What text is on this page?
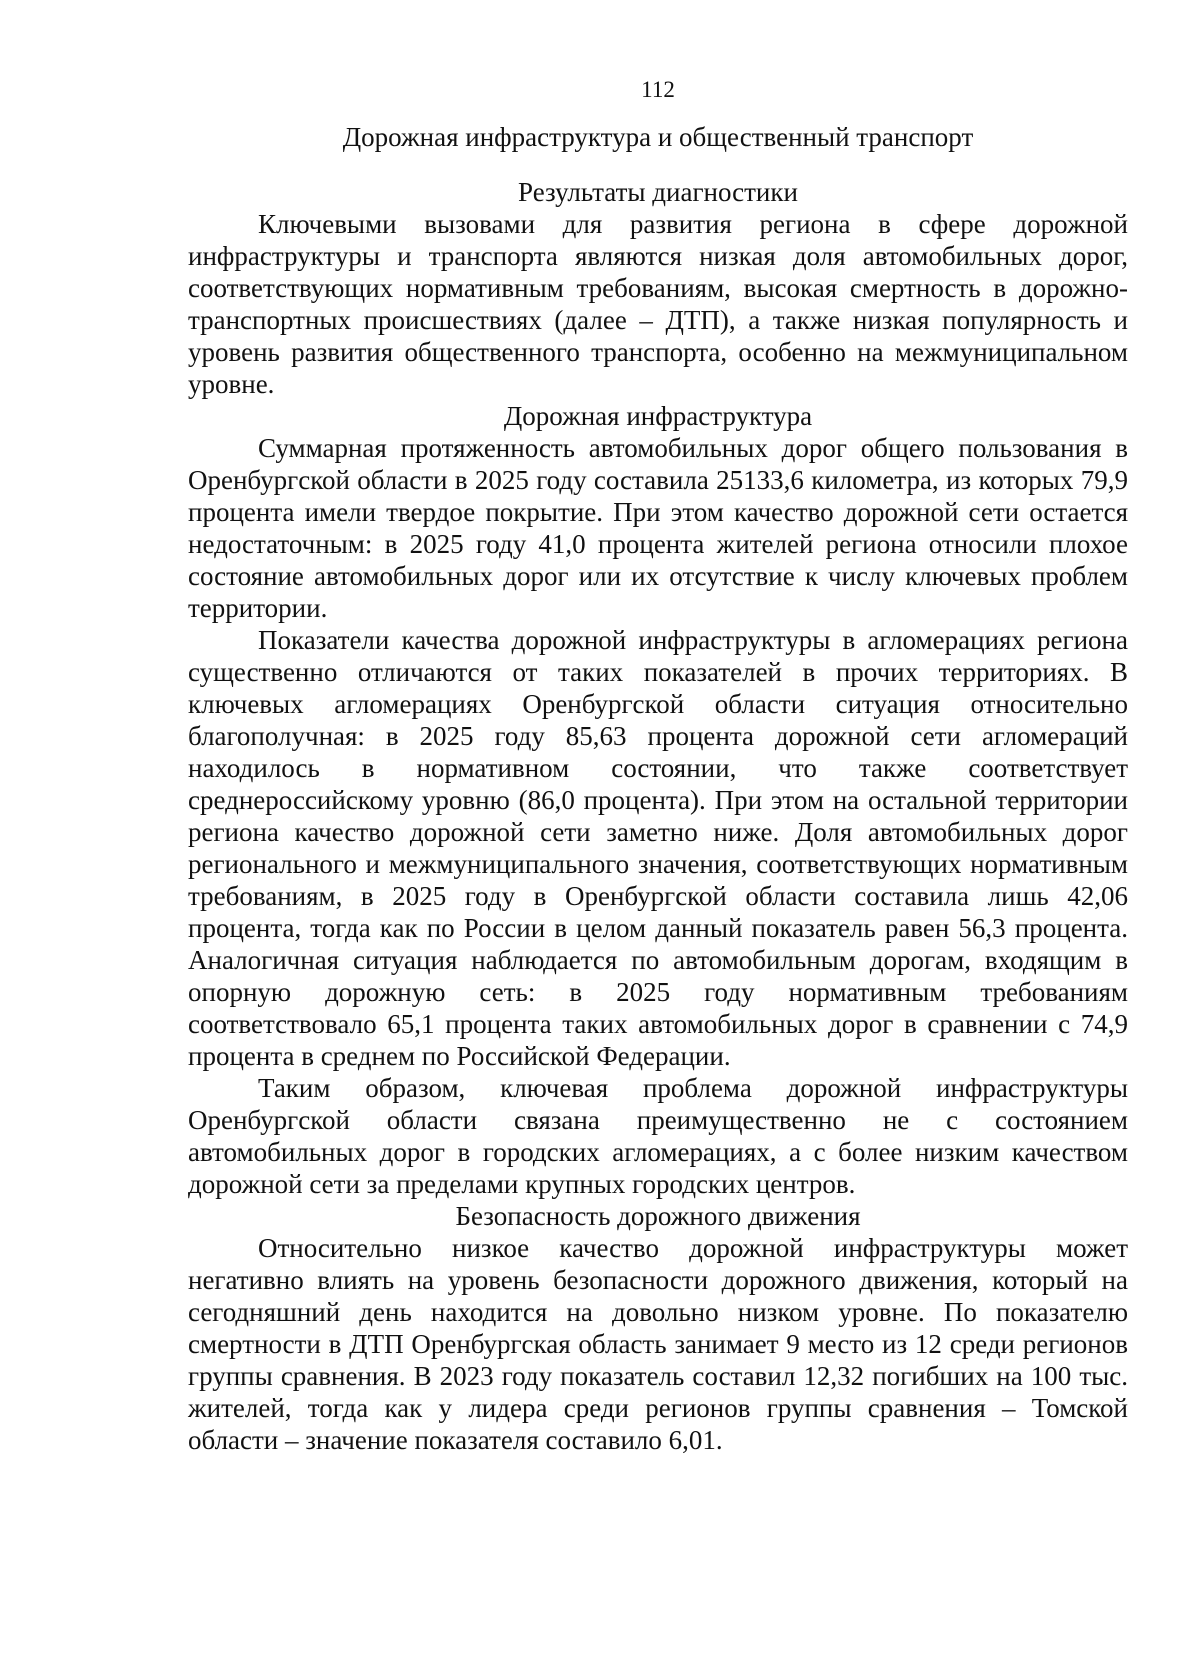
112
Дорожная инфраструктура и общественный транспорт
Результаты диагностики

Ключевыми вызовами для развития региона в сфере дорожной инфраструктуры и транспорта являются низкая доля автомобильных дорог, соответствующих нормативным требованиям, высокая смертность в дорожно-транспортных происшествиях (далее – ДТП), а также низкая популярность и уровень развития общественного транспорта, особенно на межмуниципальном уровне.

Дорожная инфраструктура

Суммарная протяженность автомобильных дорог общего пользования в Оренбургской области в 2025 году составила 25133,6 километра, из которых 79,9 процента имели твердое покрытие. При этом качество дорожной сети остается недостаточным: в 2025 году 41,0 процента жителей региона относили плохое состояние автомобильных дорог или их отсутствие к числу ключевых проблем территории.

Показатели качества дорожной инфраструктуры в агломерациях региона существенно отличаются от таких показателей в прочих территориях. В ключевых агломерациях Оренбургской области ситуация относительно благополучная: в 2025 году 85,63 процента дорожной сети агломераций находилось в нормативном состоянии, что также соответствует среднероссийскому уровню (86,0 процента). При этом на остальной территории региона качество дорожной сети заметно ниже. Доля автомобильных дорог регионального и межмуниципального значения, соответствующих нормативным требованиям, в 2025 году в Оренбургской области составила лишь 42,06 процента, тогда как по России в целом данный показатель равен 56,3 процента. Аналогичная ситуация наблюдается по автомобильным дорогам, входящим в опорную дорожную сеть: в 2025 году нормативным требованиям соответствовало 65,1 процента таких автомобильных дорог в сравнении с 74,9 процента в среднем по Российской Федерации.

Таким образом, ключевая проблема дорожной инфраструктуры Оренбургской области связана преимущественно не с состоянием автомобильных дорог в городских агломерациях, а с более низким качеством дорожной сети за пределами крупных городских центров.

Безопасность дорожного движения

Относительно низкое качество дорожной инфраструктуры может негативно влиять на уровень безопасности дорожного движения, который на сегодняшний день находится на довольно низком уровне. По показателю смертности в ДТП Оренбургская область занимает 9 место из 12 среди регионов группы сравнения. В 2023 году показатель составил 12,32 погибших на 100 тыс. жителей, тогда как у лидера среди регионов группы сравнения – Томской области – значение показателя составило 6,01.
